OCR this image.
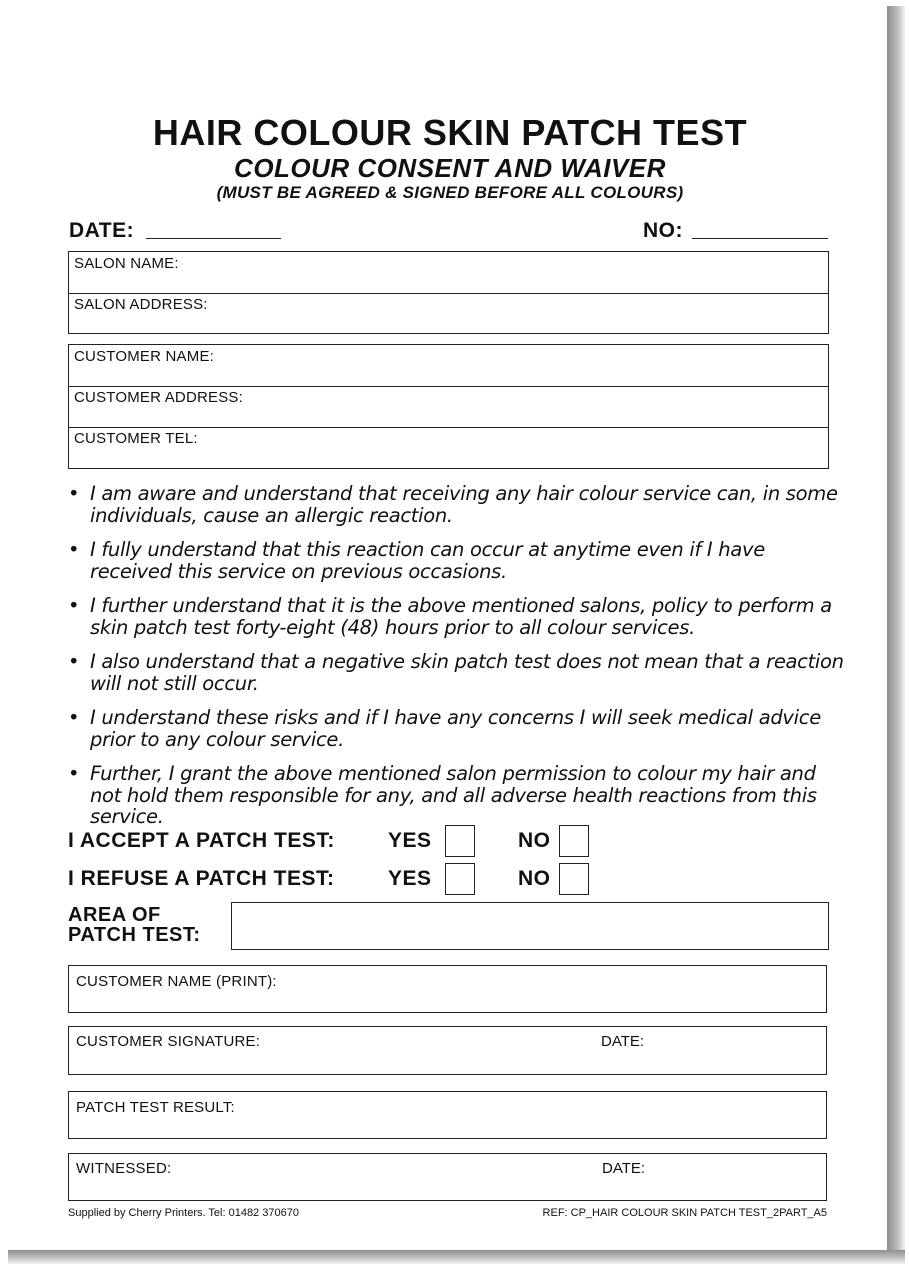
HAIR COLOUR SKIN PATCH TEST
COLOUR CONSENT AND WAIVER
(MUST BE AGREED & SIGNED BEFORE ALL COLOURS)
DATE:	NO:
SALON NAME:
SALON ADDRESS:
CUSTOMER NAME:
CUSTOMER ADDRESS:
CUSTOMER TEL:
• I am aware and understand that receiving any hair colour service can, in some individuals, cause an allergic reaction.
• I fully understand that this reaction can occur at anytime even if I have received this service on previous occasions.
• I further understand that it is the above mentioned salons, policy to perform a skin patch test forty-eight (48) hours prior to all colour services.
• I also understand that a negative skin patch test does not mean that a reaction will not still occur.
• I understand these risks and if I have any concerns I will seek medical advice prior to any colour service.
• Further, I grant the above mentioned salon permission to colour my hair and not hold them responsible for any, and all adverse health reactions from this service.
I ACCEPT A PATCH TEST:	YES	NO
I REFUSE A PATCH TEST:	YES	NO
AREA OF
PATCH TEST:
CUSTOMER NAME (PRINT):
CUSTOMER SIGNATURE:	DATE:
PATCH TEST RESULT:
WITNESSED:	DATE:
Supplied by Cherry Printers. Tel: 01482 370670	REF: CP_HAIR COLOUR SKIN PATCH TEST_2PART_A5
